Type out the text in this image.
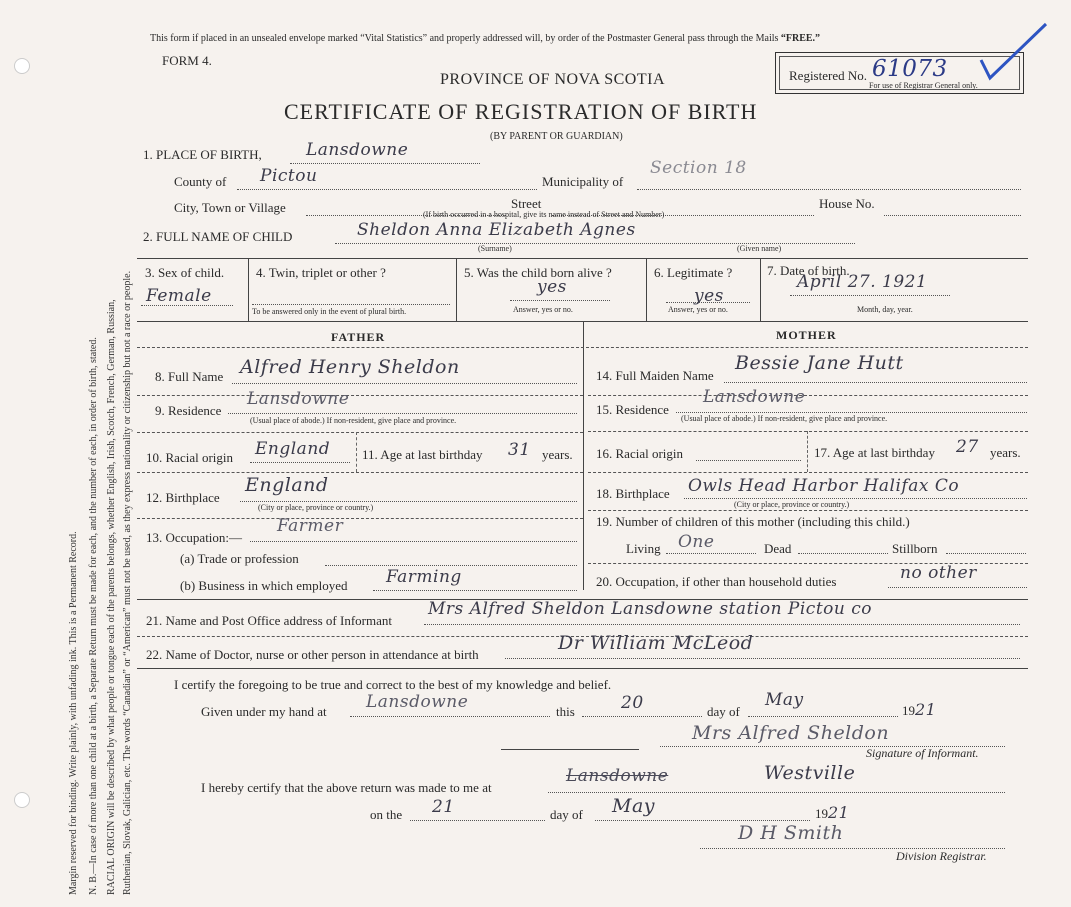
Margin reserved for binding. Write plainly, with unfading ink. This is a Permanent Record. N. B.—In case of more than one child at a birth, a Separate Return must be made for each, and the number of each, in order of birth, stated. RACIAL ORIGIN will be described by what people or tongue each of the parents belongs, whether English, Irish, Scotch, French, German, Russian, Ruthenian, Slovak, Galician, etc. The words “Canadian” or “American” must not be used, as they express nationality or citizenship but not a race or people.
This form if placed in an unsealed envelope marked “Vital Statistics” and properly addressed will, by order of the Postmaster General pass through the Mails “FREE.”
FORM 4.
PROVINCE OF NOVA SCOTIA
CERTIFICATE OF REGISTRATION OF BIRTH
(BY PARENT OR GUARDIAN)
Registered No. 61073
For use of Registrar General only.
1. PLACE OF BIRTH,	Lansdowne
County of Pictou	Municipality of
Section 18
City, Town or Village	Street	House No.
(If birth occurred in a hospital, give its name instead of Street and Number)
2. FULL NAME OF CHILD	Sheldon Anna Elizabeth Agnes
(Surname)	(Given name)
3. Sex of child.
Female
4. Twin, triplet or other ?
To be answered only in the event of plural birth.
5. Was the child born alive ?
yes
Answer, yes or no.
6. Legitimate ?
yes
Answer, yes or no.
7. Date of birth.
April 27. 1921
Month, day, year.
FATHER	MOTHER
8. Full Name Alfred Henry Sheldon
9. Residence
Lansdowne
(Usual place of abode.) If non-resident, give place and province.
10. Racial origin England 11. Age at last birthday 31 years.
12. Birthplace
England
(City or place, province or country.)
13. Occupation:—
Farmer
(a) Trade or profession
(b) Business in which employed Farming
14. Full Maiden Name
Bessie Jane Hutt
15. Residence
Lansdowne
(Usual place of abode.) If non-resident, give place and province.
16. Racial origin	17. Age at last birthday 27 years.
18. Birthplace Owls Head Harbor Halifax Co
(City or place, province or country.)
19. Number of children of this mother (including this child.)
Living One	Dead	Stillborn
20. Occupation, if other than household duties	no other
21. Name and Post Office address of Informant
Mrs Alfred Sheldon Lansdowne station Pictou co
22. Name of Doctor, nurse or other person in attendance at birth
Dr William McLeod
I certify the foregoing to be true and correct to the best of my knowledge and belief.
Given under my hand at Lansdowne	this	20	day of
May
1921
Mrs Alfred Sheldon
Signature of Informant.
I hereby certify that the above return was made to me at
Lansdowne	Westville
on the 21	day of May	1921
D H Smith
Division Registrar.
